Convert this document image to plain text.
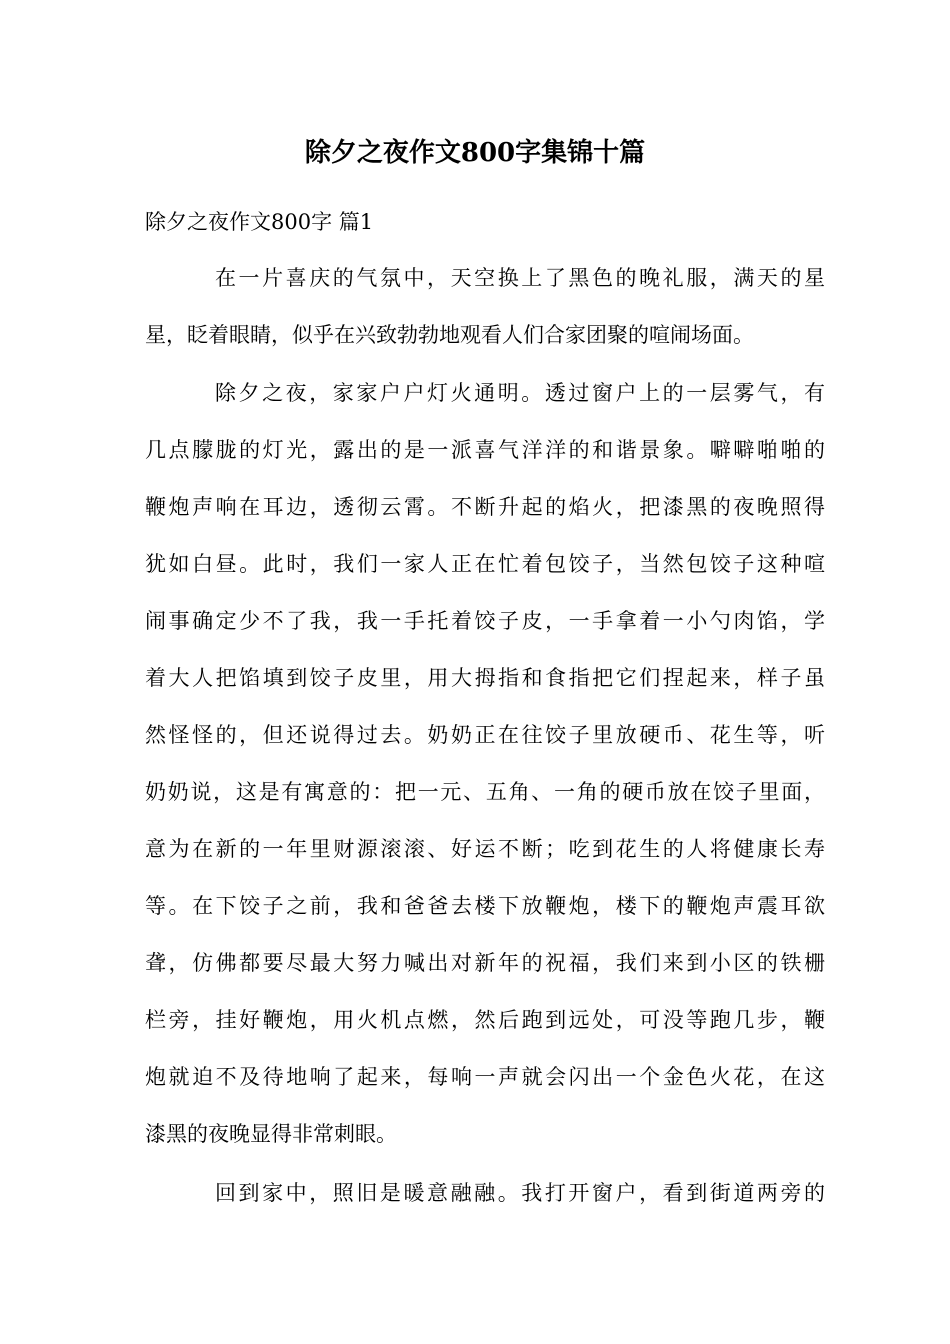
除夕之夜作文800字集锦十篇
除夕之夜作文800字 篇1
在一片喜庆的气氛中，天空换上了黑色的晚礼服，满天的星
星，眨着眼睛，似乎在兴致勃勃地观看人们合家团聚的喧闹场面。
除夕之夜，家家户户灯火通明。透过窗户上的一层雾气，有
几点朦胧的灯光，露出的是一派喜气洋洋的和谐景象。噼噼啪啪的
鞭炮声响在耳边，透彻云霄。不断升起的焰火，把漆黑的夜晚照得
犹如白昼。此时，我们一家人正在忙着包饺子，当然包饺子这种喧
闹事确定少不了我，我一手托着饺子皮，一手拿着一小勺肉馅，学
着大人把馅填到饺子皮里，用大拇指和食指把它们捏起来，样子虽
然怪怪的，但还说得过去。奶奶正在往饺子里放硬币、花生等，听
奶奶说，这是有寓意的：把一元、五角、一角的硬币放在饺子里面，
意为在新的一年里财源滚滚、好运不断；吃到花生的人将健康长寿
等。在下饺子之前，我和爸爸去楼下放鞭炮，楼下的鞭炮声震耳欲
聋，仿佛都要尽最大努力喊出对新年的祝福，我们来到小区的铁栅
栏旁，挂好鞭炮，用火机点燃，然后跑到远处，可没等跑几步，鞭
炮就迫不及待地响了起来，每响一声就会闪出一个金色火花，在这
漆黑的夜晚显得非常刺眼。
回到家中，照旧是暖意融融。我打开窗户，看到街道两旁的
